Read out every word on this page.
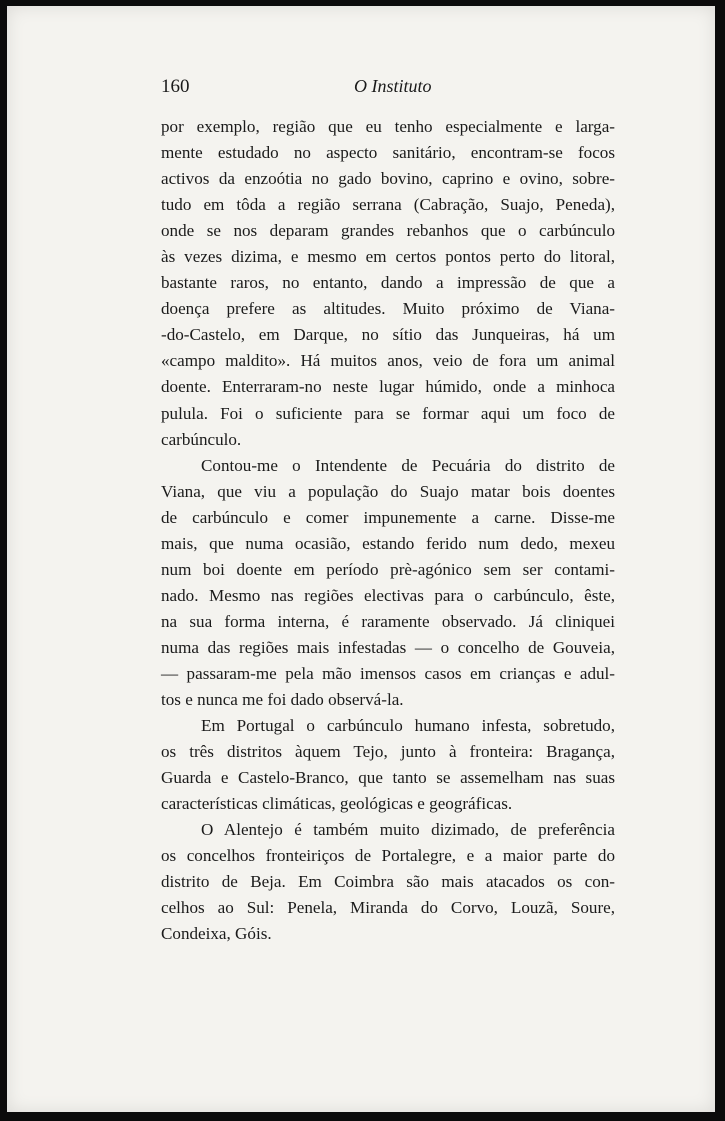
160	O Instituto
por exemplo, região que eu tenho especialmente e larga-
mente estudado no aspecto sanitário, encontram-se focos
activos da enzoótia no gado bovino, caprino e ovino, sobre-
tudo em tôda a região serrana (Cabração, Suajo, Peneda),
onde se nos deparam grandes rebanhos que o carbúnculo
às vezes dizima, e mesmo em certos pontos perto do litoral,
bastante raros, no entanto, dando a impressão de que a
doença prefere as altitudes. Muito próximo de Viana-
-do-Castelo, em Darque, no sítio das Junqueiras, há um
«campo maldito». Há muitos anos, veio de fora um animal
doente. Enterraram-no neste lugar húmido, onde a minhoca
pulula. Foi o suficiente para se formar aqui um foco de
carbúnculo.
Contou-me o Intendente de Pecuária do distrito de
Viana, que viu a população do Suajo matar bois doentes
de carbúnculo e comer impunemente a carne. Disse-me
mais, que numa ocasião, estando ferido num dedo, mexeu
num boi doente em período prè-agónico sem ser contami-
nado. Mesmo nas regiões electivas para o carbúnculo, êste,
na sua forma interna, é raramente observado. Já cliniquei
numa das regiões mais infestadas — o concelho de Gouveia,
— passaram-me pela mão imensos casos em crianças e adul-
tos e nunca me foi dado observá-la.
Em Portugal o carbúnculo humano infesta, sobretudo,
os três distritos àquem Tejo, junto à fronteira: Bragança,
Guarda e Castelo-Branco, que tanto se assemelham nas suas
características climáticas, geológicas e geográficas.
O Alentejo é também muito dizimado, de preferência
os concelhos fronteiriços de Portalegre, e a maior parte do
distrito de Beja. Em Coimbra são mais atacados os con-
celhos ao Sul: Penela, Miranda do Corvo, Louzã, Soure,
Condeixa, Góis.
